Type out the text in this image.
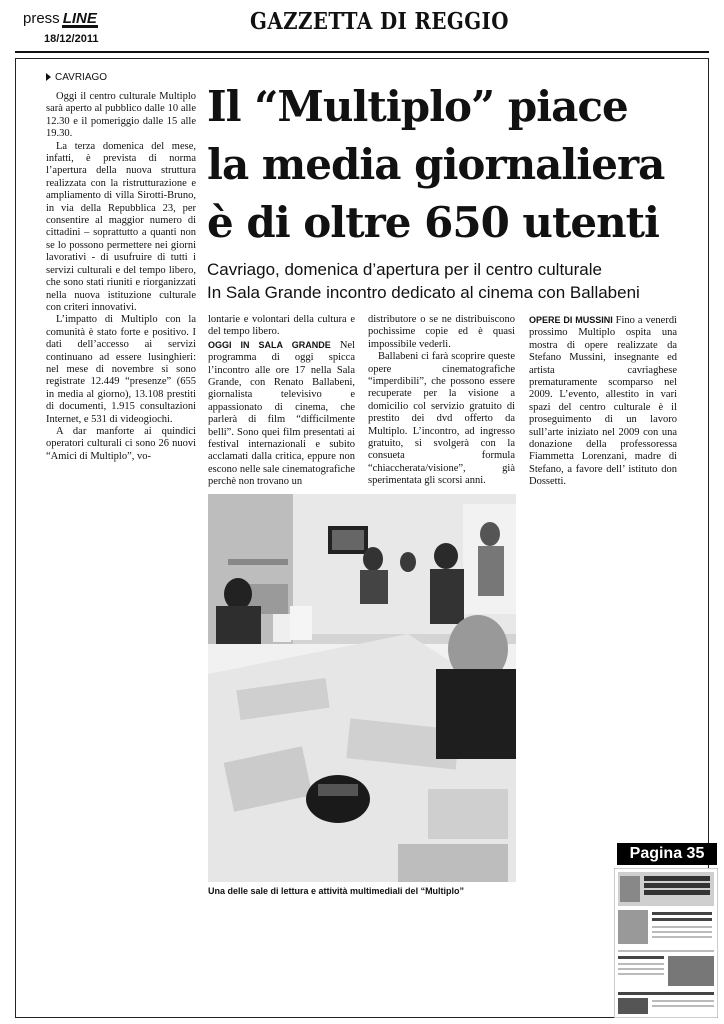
press LINE
18/12/2011
GAZZETTA DI REGGIO
CAVRIAGO
Il “Multiplo” piace
la media giornaliera
è di oltre 650 utenti
Cavriago, domenica d’apertura per il centro culturale
In Sala Grande incontro dedicato al cinema con Ballabeni

Oggi il centro culturale Multiplo sarà aperto al pubblico dalle 10 alle 12.30 e il pomeriggio dalle 15 alle 19.30.

La terza domenica del mese, infatti, è prevista di norma l’apertura della nuova struttura realizzata con la ristrutturazione e ampliamento di villa Sirotti-Bruno, in via della Repubblica 23, per consentire al maggior numero di cittadini – soprattutto a quanti non se lo possono permettere nei giorni lavorativi - di usufruire di tutti i servizi culturali e del tempo libero, che sono stati riuniti e riorganizzati nella nuova istituzione culturale con criteri innovativi.

L’impatto di Multiplo con la comunità è stato forte e positivo. I dati dell’accesso ai servizi continuano ad essere lusinghieri: nel mese di novembre si sono registrate 12.449 “presenze” (655 in media al giorno), 13.108 prestiti di documenti, 1.915 consultazioni Internet, e 531 di videogiochi.

A dar manforte ai quindici operatori culturali ci sono 26 nuovi “Amici di Multiplo”, vo-

lontarie e volontari della cultura e del tempo libero.

OGGI IN SALA GRANDE Nel programma di oggi spicca l’incontro alle ore 17 nella Sala Grande, con Renato Ballabeni, giornalista televisivo e appassionato di cinema, che parlerà di film “difficilmente belli”. Sono quei film presentati ai festival internazionali e subito acclamati dalla critica, eppure non escono nelle sale cinematografiche perchè non trovano un

distributore o se ne distribuiscono pochissime copie ed è quasi impossibile vederli.

Ballabeni ci farà scoprire queste opere cinematografiche “imperdibili”, che possono essere recuperate per la visione a domicilio col servizio gratuito di prestito dei dvd offerto da Multiplo. L’incontro, ad ingresso gratuito, si svolgerà con la consueta formula “chiaccherata/visione”, già sperimentata gli scorsi anni.

OPERE DI MUSSINI Fino a venerdì prossimo Multiplo ospita una mostra di opere realizzate da Stefano Mussini, insegnante ed artista cavriaghese prematuramente scomparso nel 2009. L’evento, allestito in vari spazi del centro culturale è il proseguimento di un lavoro sull’arte iniziato nel 2009 con una donazione della professoressa Fiammetta Lorenzani, madre di Stefano, a favore dell’ istituto don Dossetti.

Una delle sale di lettura e attività multimediali del “Multiplo”
Pagina 35
